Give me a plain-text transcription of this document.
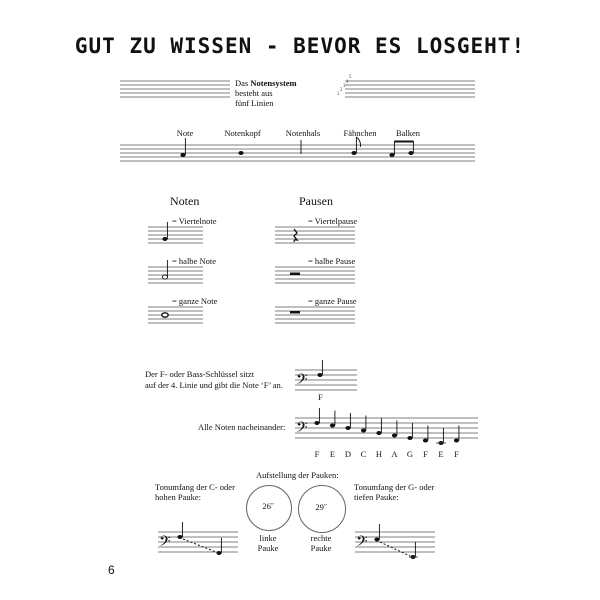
GUT ZU WISSEN - BEVOR ES LOSGEHT!
Das Notensystem
besteht aus
fünf Linien
5
4
3
2
1
Note	Notenkopf	Notenhals	Fähnchen	Balken
Noten	Pausen
= Viertelnote
= halbe Note
= ganze Note
= Viertelpause
= halbe Pause
= ganze Pause
Der F- oder Bass-Schlüssel sitzt
auf der 4. Linie und gibt die Note ‘F’ an. 𝄢
F
Alle Noten nacheinander: 𝄢
F	E	D	C	H	A	G	F	E	F
Aufstellung der Pauken:
Tonumfang der C- oder
hohen Pauke:
Tonumfang der G- oder
tiefen Pauke:
26˝	29˝
linke
Pauke
rechte
Pauke
𝄢	𝄢
6
